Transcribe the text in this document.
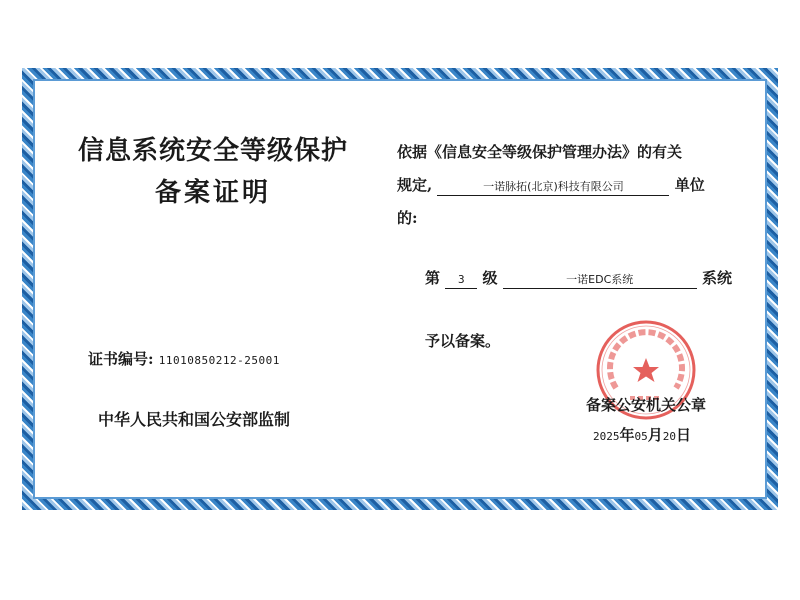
信息系统安全等级保护
备案证明
证书编号: 11010850212-25001
中华人民共和国公安部监制
依据《信息安全等级保护管理办法》的有关
规定,	一诺脉拓(北京)科技有限公司	单位
的:
第 3 级	一诺EDC系统	系统
予以备案。
备案公安机关公章
2025年05月20日
